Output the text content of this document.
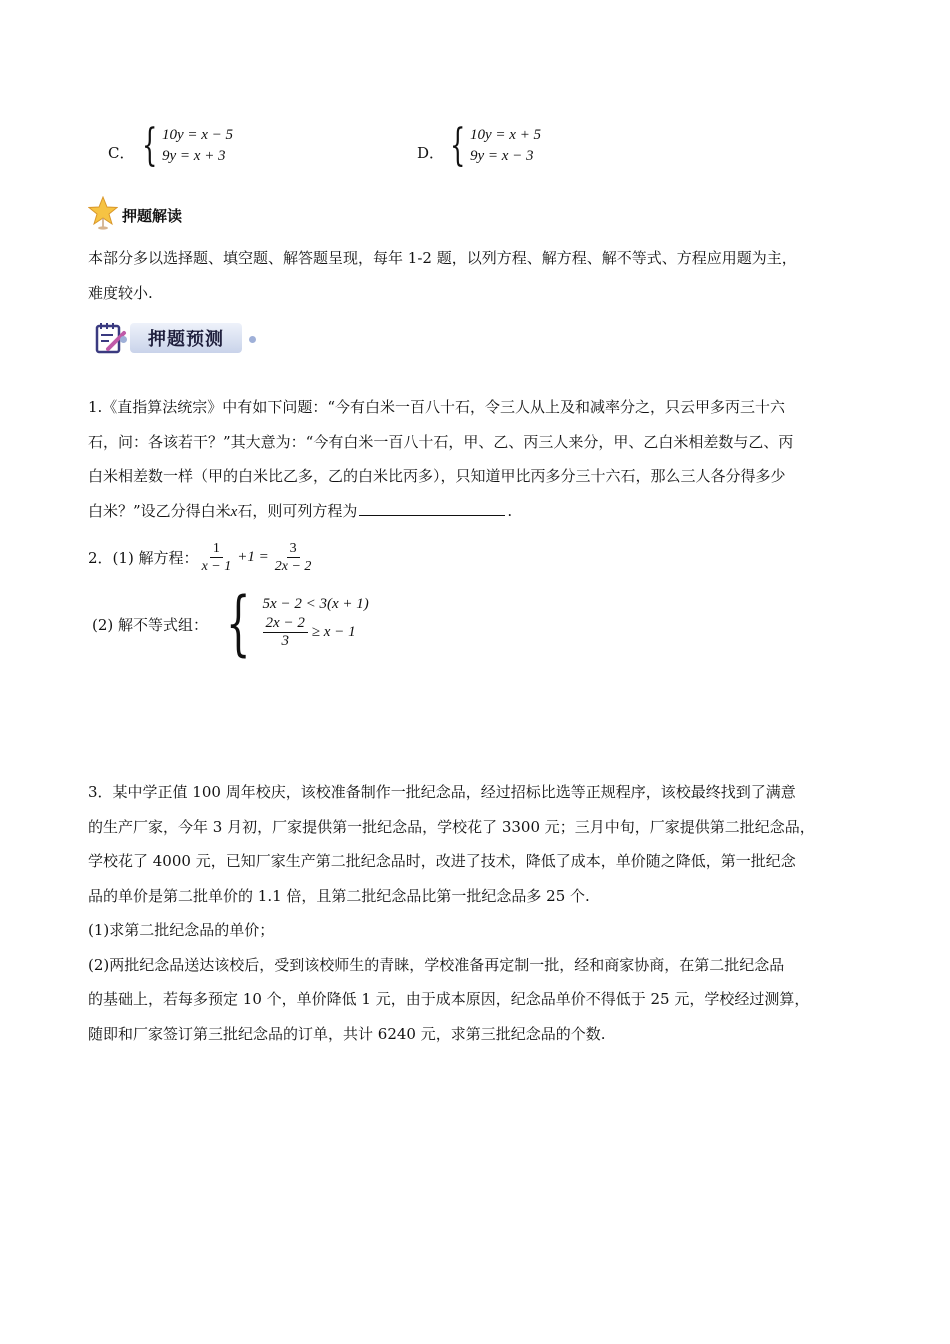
C． { 10y = x − 5
9y = x + 3	D． { 10y = x + 5
9y = x − 3
押题解读
本部分多以选择题、填空题、解答题呈现，每年 1-2 题，以列方程、解方程、解不等式、方程应用题为主，
难度较小.
押题预测
1.《直指算法统宗》中有如下问题：“今有白米一百八十石，令三人从上及和减率分之，只云甲多丙三十六
石，问：各该若干？”其大意为：“今有白米一百八十石，甲、乙、丙三人来分，甲、乙白米相差数与乙、丙
白米相差数一样（甲的白米比乙多，乙的白米比丙多），只知道甲比丙多分三十六石，那么三人各分得多少
白米？”设乙分得白米x石，则可列方程为	.
2．(1) 解方程： $\frac{1}{x - 1} +1 = \frac{3}{2x - 2}$
(2) 解不等式组： { 5x − 2 < 3(x + 1)
$\frac{2x - 2}{3} \ge x - 1$
3．某中学正值 100 周年校庆，该校准备制作一批纪念品，经过招标比选等正规程序，该校最终找到了满意
的生产厂家，今年 3 月初，厂家提供第一批纪念品，学校花了 3300 元；三月中旬，厂家提供第二批纪念品，
学校花了 4000 元，已知厂家生产第二批纪念品时，改进了技术，降低了成本，单价随之降低，第一批纪念
品的单价是第二批单价的 1.1 倍，且第二批纪念品比第一批纪念品多 25 个.
(1)求第二批纪念品的单价；
(2)两批纪念品送达该校后，受到该校师生的青睐，学校准备再定制一批，经和商家协商，在第二批纪念品
的基础上，若每多预定 10 个，单价降低 1 元，由于成本原因，纪念品单价不得低于 25 元，学校经过测算，
随即和厂家签订第三批纪念品的订单，共计 6240 元，求第三批纪念品的个数.
